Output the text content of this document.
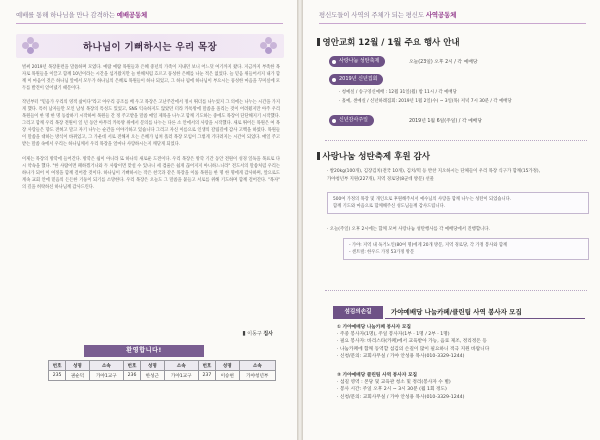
예배를 통해 하나님을 만나 감격하는 예배공동체
하나님이 기뻐하시는 우리 목장

벌써 2019년 목장훈련을 말씀하며 모였다. 예람 예람 목원들과 은혜 중년의 가족이 지내던 보니 어느덧 여기까지 왔다. 지금까지 부족한 목자로 목원들을 이끌고 함께 10년이라는 시간을 섬겨왔지만 늘 한해처럼 흐르고 풍성한 은혜를 나눈 적은 없었다. 늘 믿음 위들어서지 내가 함께 이 마음이 것은 하나님 앞에서 모두가 하나님의 은혜로 목원들이 하나 되었고, 그 하나 됨에 하나님이 부으시는 풍성한 마음을 꾸미실에 모두를 발견이 얻어냈기 때문이다.

작년부터 "믿음가 우리의 영적 삶이다"라고 야우리 공조를 배 우고 목장은 고난주간에서 정시 뛰더를 나누었지 그 의에는 나누는 시간을 가지게 했다. 특히 남자들만 모인 남성 목장의 특성도 있었고, SNS 익숙하지도 않았던 터라 카톡방에 말씀을 올리는 것이 어려웠지만 아주 우리 목원들이 한 명 한 명 동참하기 시작하여 목원들 간 정 주고받을 말씀 매일 제목을 나누고 함께 기도하는 중에도 목장이 단단해지기 시작했다. 그리고 함께 우리 목장 전원이 일 년 동안 아무리 카톡방 위에서 문의를 나누는 다른 소 안에서의 사랑을 시작했다. 새로 뛰어든 목원은 여 목장 사랑들은 향도 전혀고 말고 자기 나누는 순간을 이야기하고 있습니다 그리고 자신 이름으로 인생의 갈림길에 감사 고백을 하였다. 목원들이 말씀을 대하는 방식이 바뀌었고, 그 가운데 서로 전해져 오는 은혜가 넘쳐 흘러 목장 모임이 그렇게 기다려지는 시간이 되었다. 매일 주고받는 말씀 속에서 우리는 하나님께서 우리 목장을 얼마나 사랑하시는지 깨닫게 되었다.

이제는 목장의 방학에 들어간다. 방학은 쉽이 아니라 또 하나의 새로운 도전이다. 우리 목장은 방학 기간 동안 전원이 성경 일독을 목표로 다시 약속을 했다. "한 사람이면 패하겠거니와 두 사람이면 맞설 수 있나니 세 겹줄은 쉽게 끊어지지 아니하느니라" 전도서의 말씀처럼 우리는 하나가 되어 이 여정을 함께 걸어갈 것이다. 하나님이 기뻐하시는 작은 천국과 같은 목장을 이룰 목원들 한 명 한 명에게 감사하며, 앞으로도 계속 교회 안에 믿음의 든든한 기둥이 되기를 소망한다. 우리 목장은 오늘도 그 말씀을 붙들고 서로를 위해 기도하며 함께 걸어간다. "목자" 의 길을 허락하신 하나님께 감사드린다.

▮ 이동구 집사
환영합니다!
번호	성명	소속	번호	성명	소속	번호	성명	소속
235	권순덕	가야1교구	236	한성근	가야1교구	237	이승현	가야청년부
평신도들이 사역의 주체가 되는 평신도 사역공동체
영안교회 12월 / 1월 주요 행사 안내
사랑나눔 성탄축제	오늘(23일) 오후 2시 / 각 예배당
2019년 신년집회
· 청예실 / 송구영신예배 : 12월 31일(월) 밤 11시 / 각 예배당
· 흘예, 센예실 / 신년하례집회: 2019년 1월 2일(수) ~ 3일(목) 저녁 7시 30분 / 각 예배당
신년감사주일	2019년 1월 6일(주일) / 각 예배당
사랑나눔 성탄축제 후원 감사
· 쌀20kg(100개), 김장김치(전국 10개), 김치/떡 등 반찬 지오하시는 단체들이 우리 목장 식구가 함께(15가정),
가야청년부 지원(227개), 지역 경로당(8군데 방문) 선물
500여 가정의 목장 및 개인으로 후원해주셔서 예수님의 사랑을 함께 나누는 성탄이 되었습니다.
함께 기도와 마음으로 함께해주신 성도님들께 감사드립니다.
· 오늘(주일) 오후 2시에는 함께 모여 사랑나눔 성탄행사를 각 예배당에서 진행합니다.
- 가야: 지역 내 독거노인(80여 명)에게 20개 방문, 지역 경로당, 각 가정 봉사와 함께
- 센트럴: 한우드 가정 53가정 방문
섬김의손길	가야예배당 나눔카페/클린팀 사역 봉사자 모집
① 가야예배당 나눔카페 봉사자 모집
· 주중 봉사자(1명), 주일 봉사자(1부 · 1명 / 2부 · 1명)
· 필요 봉사자: 바리스타(카페)에서 교육받아 가능, 음료 제조, 정리정돈 등
· 나눔카페에 함께 동역할 섬김의 손길이 많이 필요하니 적극 지원 바랍니다
· 신청/문의: 교회사무실 / 가야 안성용 목사(010-3329-1244)
② 가야예배당 클린팀 사역 봉사자 모집
· 섬길 영역 : 본당 및 교육관 청소 및 정리(봉사자 수 별)
· 봉사 시간: 주일 오후 2시 ~ 3시 30분 (월 1회 정도)
· 신청/문의: 교회사무실 / 가야 안성용 목사(010-3329-1244)
